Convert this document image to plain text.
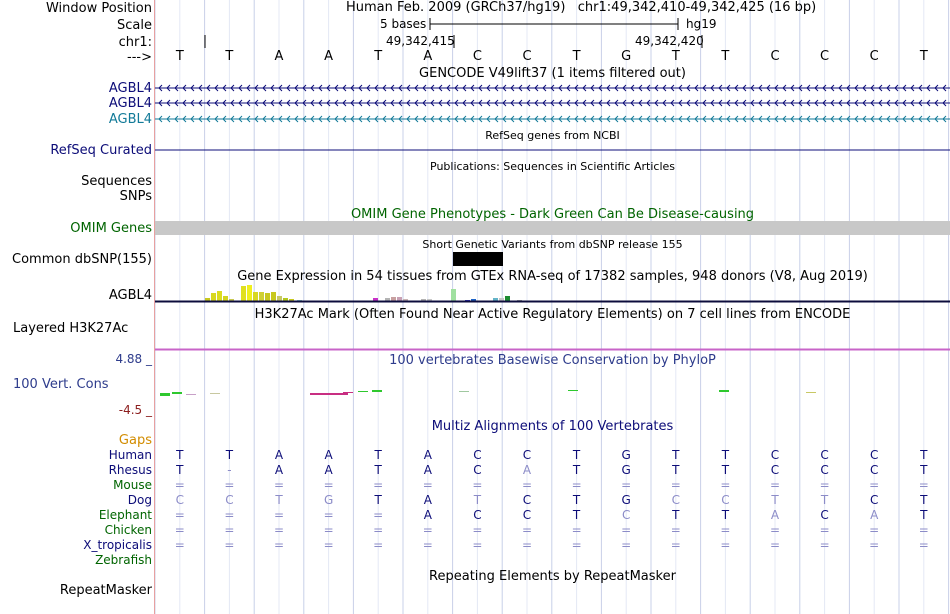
Window Position
Scale
chr1:
--->
Human Feb. 2009 (GRCh37/hg19)   chr1:49,342,410-49,342,425 (16 bp)
5 bases	hg19
49,342,415	49,342,420
T	T	A	A	T	A	C	C	T	G	T	T	C	C	C	T
GENCODE V49lift37 (1 items filtered out)
AGBL4
AGBL4
AGBL4
RefSeq genes from NCBI
RefSeq Curated
Publications: Sequences in Scientific Articles
Sequences
SNPs
OMIM Gene Phenotypes - Dark Green Can Be Disease-causing
OMIM Genes
Short Genetic Variants from dbSNP release 155
Common dbSNP(155)
Gene Expression in 54 tissues from GTEx RNA-seq of 17382 samples, 948 donors (V8, Aug 2019)
AGBL4
H3K27Ac Mark (Often Found Near Active Regulatory Elements) on 7 cell lines from ENCODE
Layered H3K27Ac
100 vertebrates Basewise Conservation by PhyloP
4.88 _
100 Vert. Cons
-4.5 _
Multiz Alignments of 100 Vertebrates
Gaps
Human T	T	A	A	T	A	C	C	T	G	T	T	C	C	C	T
Rhesus T	-	A	A	T	A	C	A	T	G	T	T	C	C	C	T
Mouse =	=	=	=	=	=	=	=	=	=	=	=	=	=	=	=
Dog C	C	T	G	T	A	T	C	T	G	C	C	T	T	C	T
Elephant =	=	=	=	=	A	C	C	T	C	T	T	A	C	A	T
Chicken =	=	=	=	=	=	=	=	=	=	=	=	=	=	=	=
X_tropicalis =	=	=	=	=	=	=	=	=	=	=	=	=	=	=	=
Zebrafish
Repeating Elements by RepeatMasker
RepeatMasker
